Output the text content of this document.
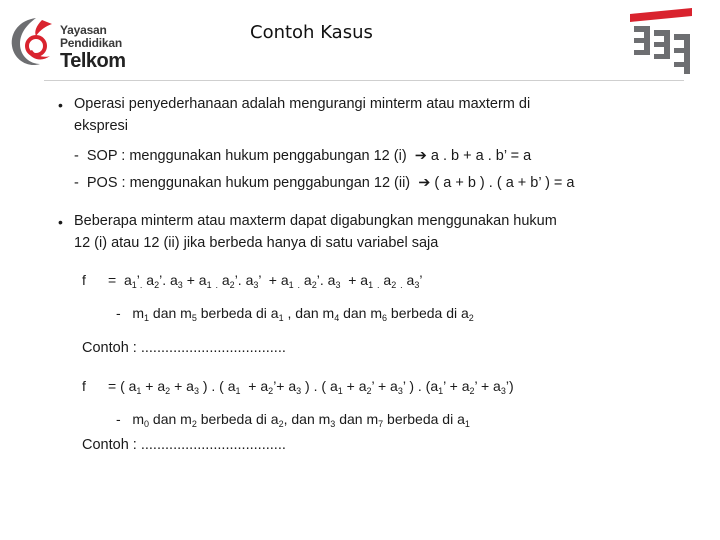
Yayasan
Pendidikan
Telkom
Contoh Kasus
• Operasi penyederhanaan adalah mengurangi minterm atau maxterm di
ekspresi
-  SOP : menggunakan hukum penggabungan 12 (i) ➔ a . b + a . b’ = a
-  POS : menggunakan hukum penggabungan 12 (ii) ➔ ( a + b ) . ( a + b’ ) = a
• Beberapa minterm atau maxterm dapat digabungkan menggunakan hukum
12 (i) atau 12 (ii) jika berbeda hanya di satu variabel saja
$f = a_1’_.$ $a_2$’. $a_3 + a_1$ $_.$ $a_2$’. $a_3$’  + $a_1$ $_.$ $a_2$’. $a_3 + a_1$ $_.$ $a_2$ $_.$ $a_3$’
-   $m_1$ dan $m_5$ berbeda di $a_1$ , dan $m_4$ dan $m_6$ berbeda di $a_2$
Contoh : ....................................
f = ( $a_1 + a_2 + a_3$ ) . ( $a_1$  + $a_2’+ a_3$ ) . ( $a_1 + a_2$’ + $a_3$’ ) . ($a_1$’ + $a_2$’ + $a_3$’)
-   $m_0$ dan $m_2$ berbeda di $a_2$, dan $m_3$ dan $m_7$ berbeda di $a_1$
Contoh : ....................................
